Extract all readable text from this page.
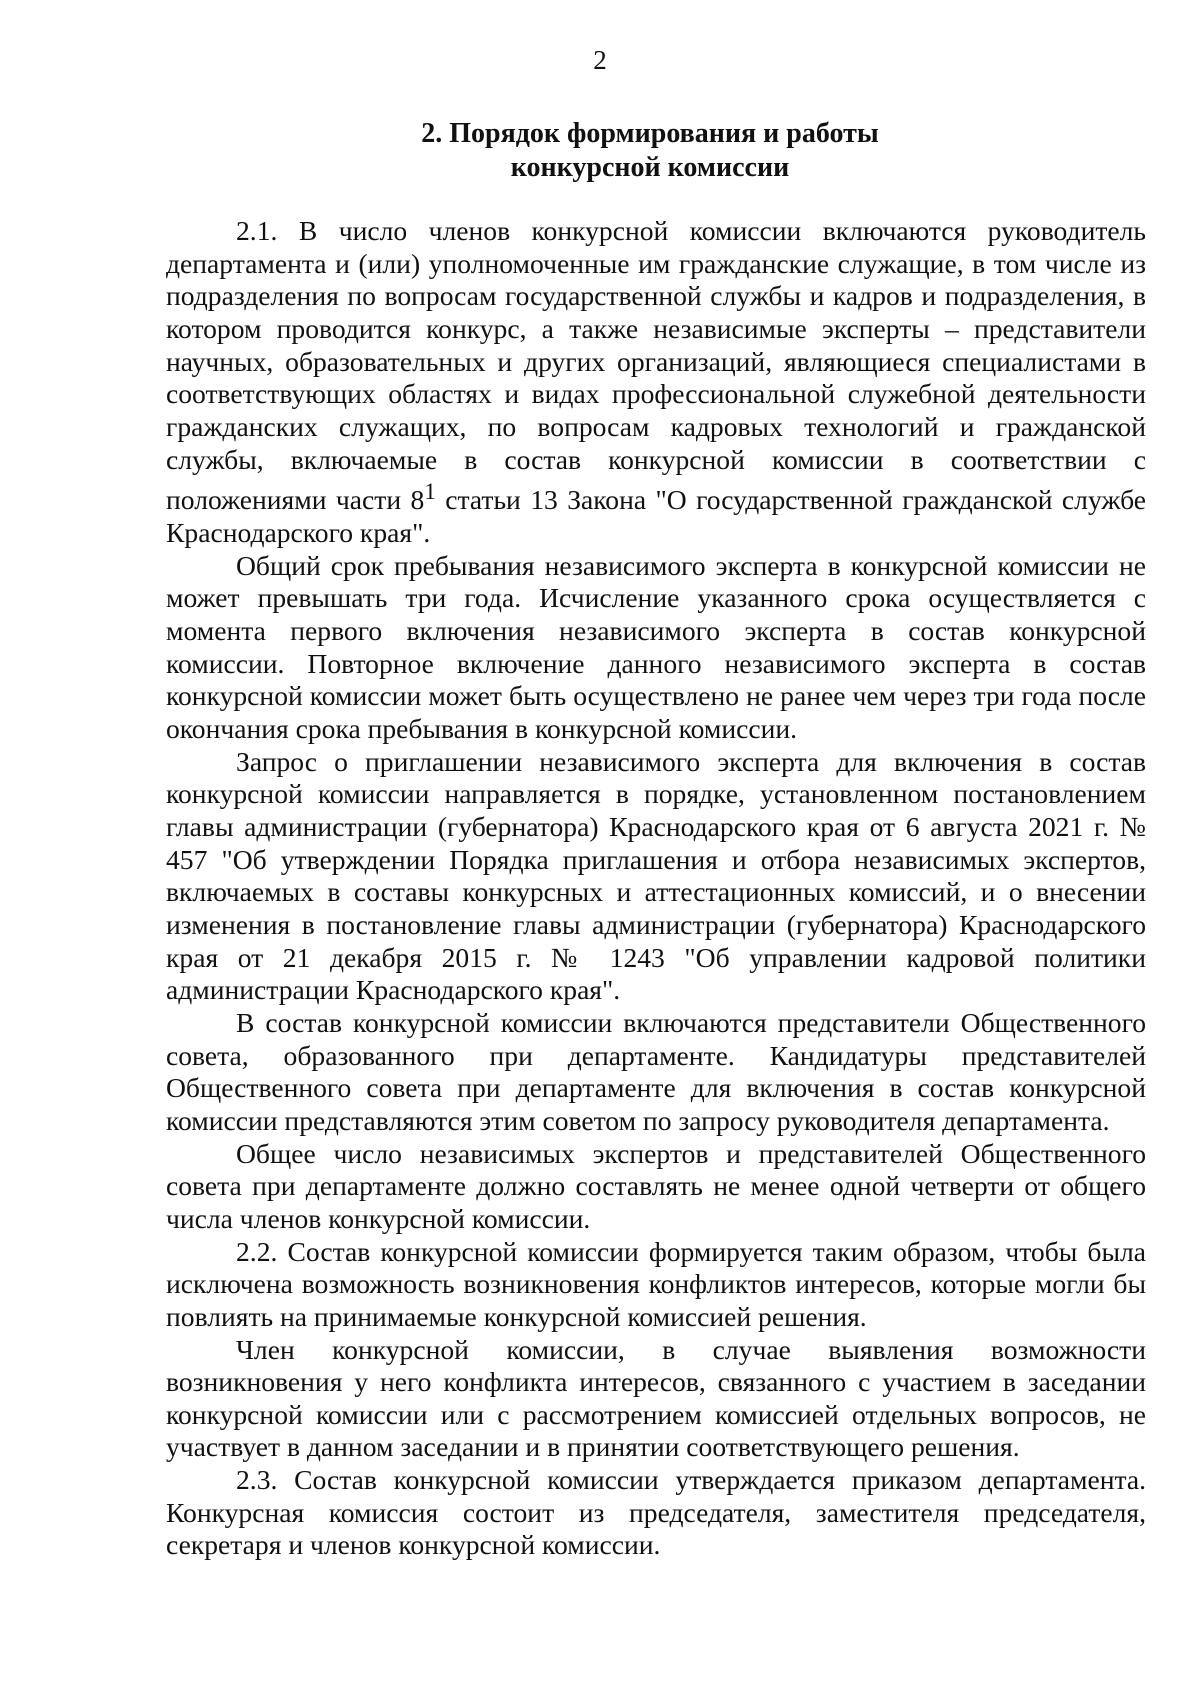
2
2. Порядок формирования и работы
конкурсной комиссии

2.1. В число членов конкурсной комиссии включаются руководитель департамента и (или) уполномоченные им гражданские служащие, в том числе из подразделения по вопросам государственной службы и кадров и подразделения, в котором проводится конкурс, а также независимые эксперты – представители научных, образовательных и других организаций, являющиеся специалистами в соответствующих областях и видах профессиональной служебной деятельности гражданских служащих, по вопросам кадровых технологий и гражданской службы, включаемые в состав конкурсной комиссии в соответствии с положениями части $8^1$ статьи 13 Закона "О государственной гражданской службе Краснодарского края".

Общий срок пребывания независимого эксперта в конкурсной комиссии не может превышать три года. Исчисление указанного срока осуществляется с момента первого включения независимого эксперта в состав конкурсной комиссии. Повторное включение данного независимого эксперта в состав конкурсной комиссии может быть осуществлено не ранее чем через три года после окончания срока пребывания в конкурсной комиссии.

Запрос о приглашении независимого эксперта для включения в состав конкурсной комиссии направляется в порядке, установленном постановлением главы администрации (губернатора) Краснодарского края от 6 августа 2021 г. № 457 "Об утверждении Порядка приглашения и отбора независимых экспертов, включаемых в составы конкурсных и аттестационных комиссий, и о внесении изменения в постановление главы администрации (губернатора) Краснодарского края от 21 декабря 2015 г. № 1243 "Об управлении кадровой политики администрации Краснодарского края".

В состав конкурсной комиссии включаются представители Общественного совета, образованного при департаменте. Кандидатуры представителей Общественного совета при департаменте для включения в состав конкурсной комиссии представляются этим советом по запросу руководителя департамента.

Общее число независимых экспертов и представителей Общественного совета при департаменте должно составлять не менее одной четверти от общего числа членов конкурсной комиссии.

2.2. Состав конкурсной комиссии формируется таким образом, чтобы была исключена возможность возникновения конфликтов интересов, которые могли бы повлиять на принимаемые конкурсной комиссией решения.

Член конкурсной комиссии, в случае выявления возможности возникновения у него конфликта интересов, связанного с участием в заседании конкурсной комиссии или с рассмотрением комиссией отдельных вопросов, не участвует в данном заседании и в принятии соответствующего решения.

2.3. Состав конкурсной комиссии утверждается приказом департамента. Конкурсная комиссия состоит из председателя, заместителя председателя, секретаря и членов конкурсной комиссии.
